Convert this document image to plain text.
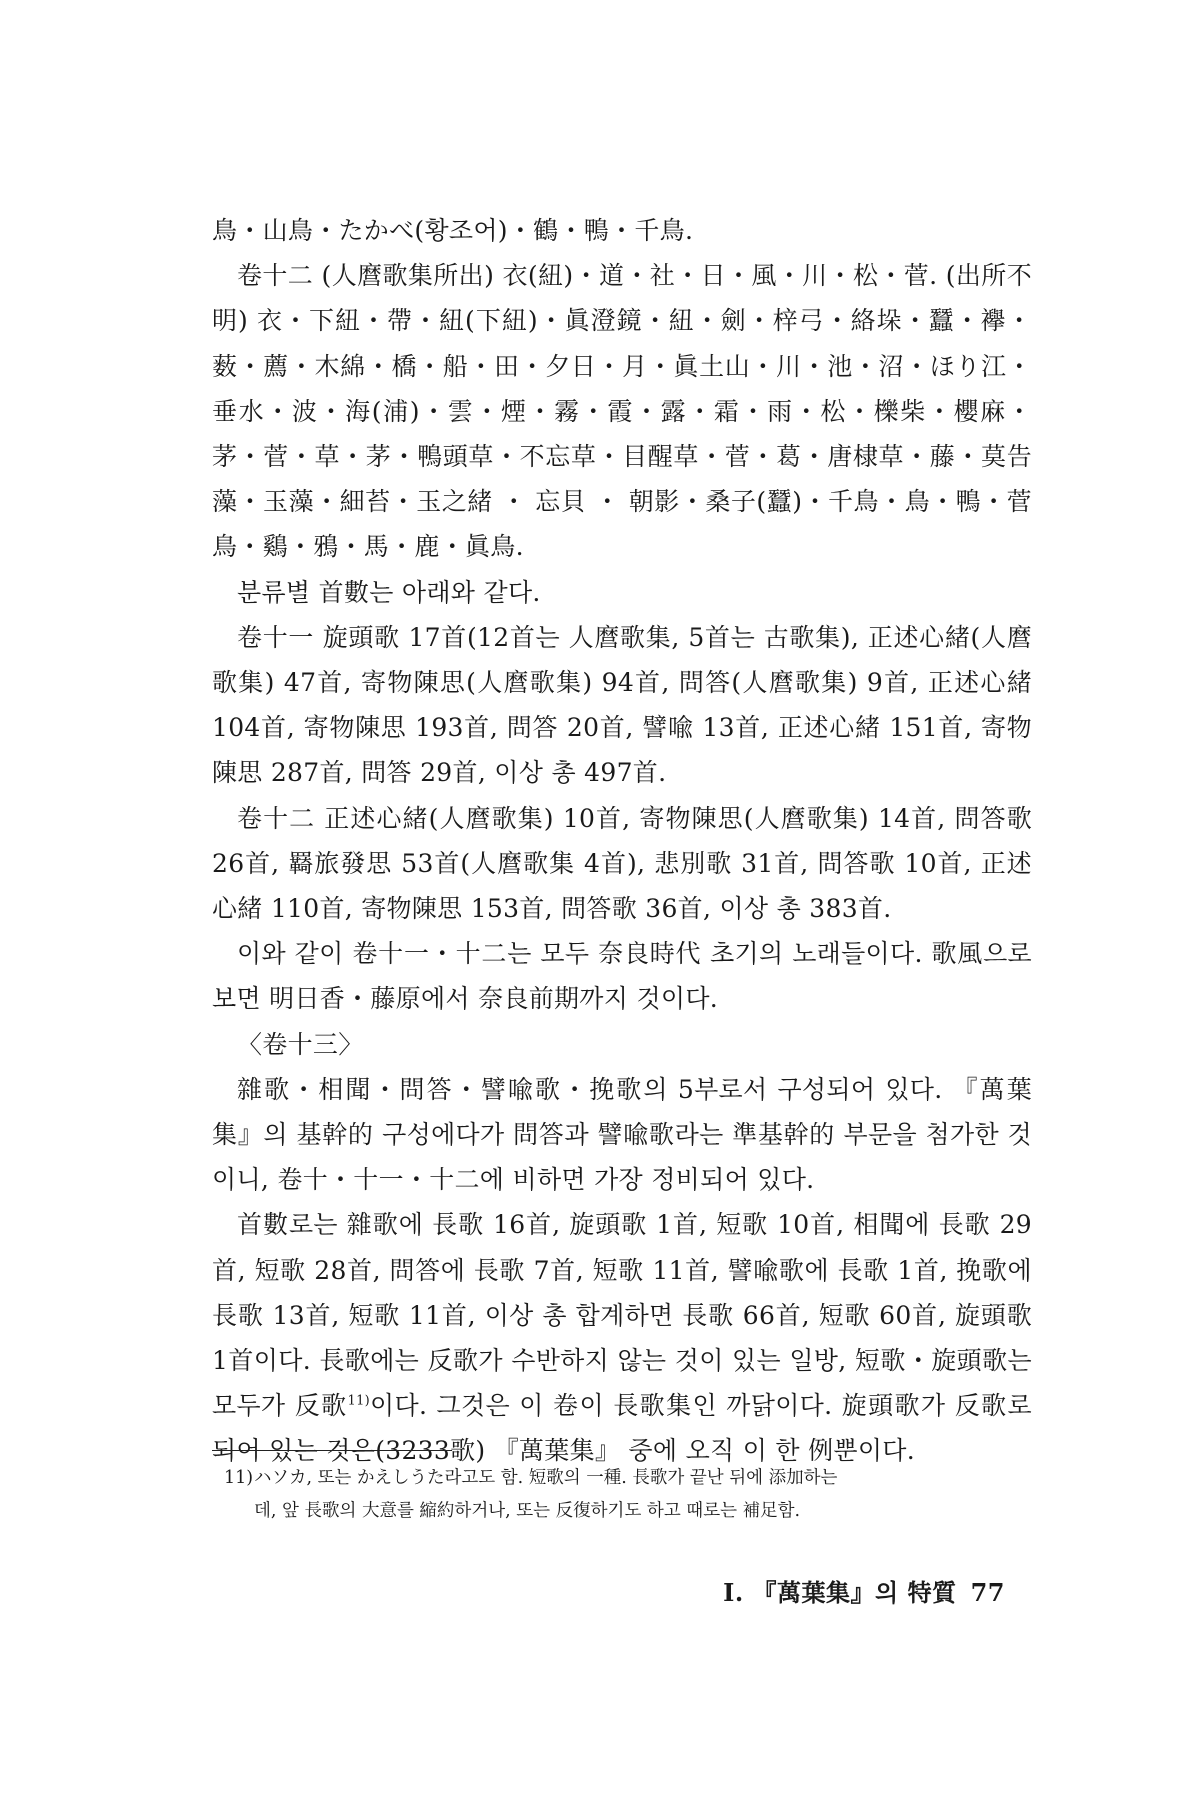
鳥・山鳥・たかべ(황조어)・鶴・鴨・千鳥.

卷十二 (人麿歌集所出) 衣(紐)・道・社・日・風・川・松・菅. (出所不明) 衣・下紐・帶・紐(下紐)・眞澄鏡・紐・劍・梓弓・絡垛・蠶・襷・薮・薦・木綿・橋・船・田・夕日・月・眞土山・川・池・沼・ほり江・垂水・波・海(浦)・雲・煙・霧・霞・露・霜・雨・松・櫟柴・櫻麻・茅・菅・草・茅・鴨頭草・不忘草・目醒草・菅・葛・唐棣草・藤・莫告藻・玉藻・細苔・玉之緒 ・ 忘貝 ・ 朝影・桑子(蠶)・千鳥・鳥・鴨・菅鳥・鷄・鴉・馬・鹿・眞鳥.

분류별 首數는 아래와 같다.

卷十一 旋頭歌 17首(12首는 人麿歌集, 5首는 古歌集), 正述心緒(人麿歌集) 47首, 寄物陳思(人麿歌集) 94首, 問答(人麿歌集) 9首, 正述心緒 104首, 寄物陳思 193首, 問答 20首, 譬喩 13首, 正述心緒 151首, 寄物陳思 287首, 問答 29首, 이상 총 497首.

卷十二 正述心緒(人麿歌集) 10首, 寄物陳思(人麿歌集) 14首, 問答歌 26首, 羇旅發思 53首(人麿歌集 4首), 悲別歌 31首, 問答歌 10首, 正述心緒 110首, 寄物陳思 153首, 問答歌 36首, 이상 총 383首.

이와 같이 卷十一・十二는 모두 奈良時代 초기의 노래들이다. 歌風으로 보면 明日香・藤原에서 奈良前期까지 것이다.

〈卷十三〉

雜歌・相聞・問答・譬喩歌・挽歌의 5부로서 구성되어 있다. 『萬葉集』의 基幹的 구성에다가 問答과 譬喩歌라는 準基幹的 부문을 첨가한 것이니, 卷十・十一・十二에 비하면 가장 정비되어 있다.

首數로는 雜歌에 長歌 16首, 旋頭歌 1首, 短歌 10首, 相聞에 長歌 29首, 短歌 28首, 問答에 長歌 7首, 短歌 11首, 譬喩歌에 長歌 1首, 挽歌에 長歌 13首, 短歌 11首, 이상 총 합계하면 長歌 66首, 短歌 60首, 旋頭歌 1首이다. 長歌에는 反歌가 수반하지 않는 것이 있는 일방, 短歌・旋頭歌는 모두가 反歌$^{11)}$이다. 그것은 이 卷이 長歌集인 까닭이다. 旋頭歌가 反歌로 되어 있는 것은(3233歌) 『萬葉集』 중에 오직 이 한 例뿐이다.

11)ハソカ, 또는 かえしうた라고도 함. 短歌의 一種. 長歌가 끝난 뒤에 添加하는
데, 앞 長歌의 大意를 縮約하거나, 또는 反復하기도 하고 때로는 補足함.
Ⅰ. 『萬葉集』의 特質 77
